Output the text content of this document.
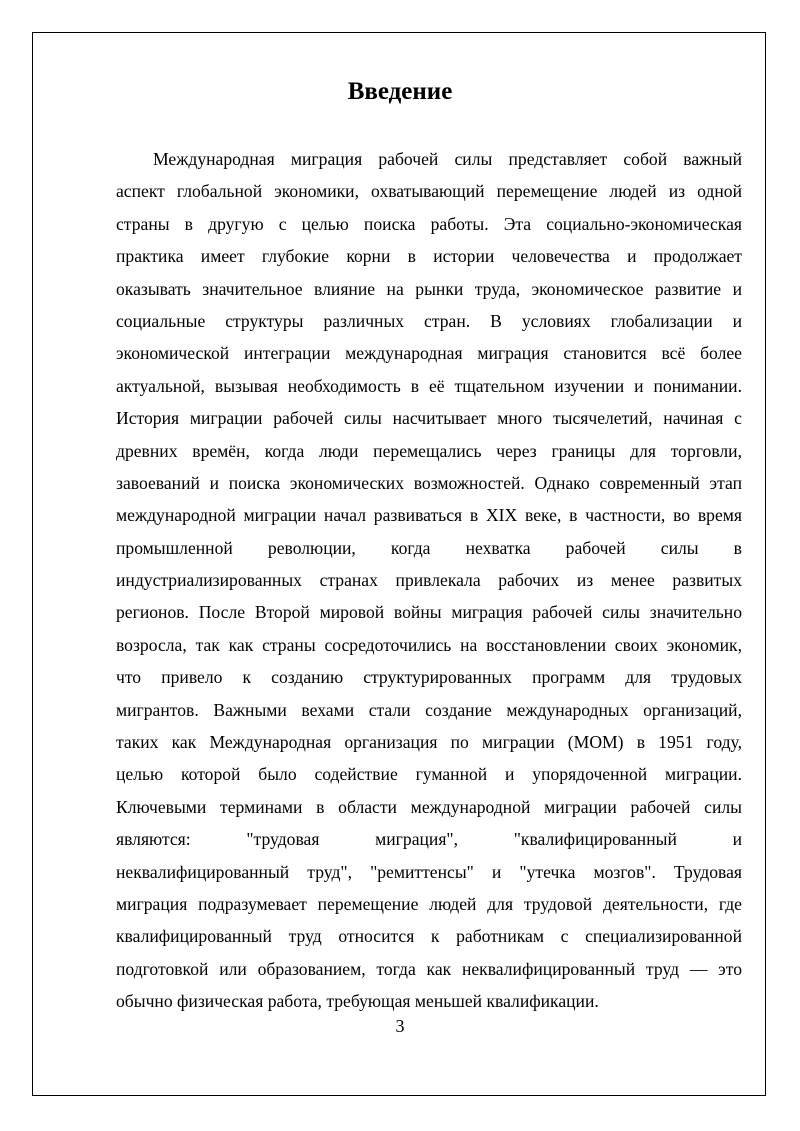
Введение
Международная миграция рабочей силы представляет собой важный
аспект глобальной экономики, охватывающий перемещение людей из одной
страны в другую с целью поиска работы. Эта социально-экономическая
практика имеет глубокие корни в истории человечества и продолжает
оказывать значительное влияние на рынки труда, экономическое развитие и
социальные структуры различных стран. В условиях глобализации и
экономической интеграции международная миграция становится всё более
актуальной, вызывая необходимость в её тщательном изучении и понимании.
История миграции рабочей силы насчитывает много тысячелетий, начиная с
древних времён, когда люди перемещались через границы для торговли,
завоеваний и поиска экономических возможностей. Однако современный этап
международной миграции начал развиваться в XIX веке, в частности, во время
промышленной революции, когда нехватка рабочей силы в
индустриализированных странах привлекала рабочих из менее развитых
регионов. После Второй мировой войны миграция рабочей силы значительно
возросла, так как страны сосредоточились на восстановлении своих экономик,
что привело к созданию структурированных программ для трудовых
мигрантов. Важными вехами стали создание международных организаций,
таких как Международная организация по миграции (МОМ) в 1951 году,
целью которой было содействие гуманной и упорядоченной миграции.
Ключевыми терминами в области международной миграции рабочей силы
являются: "трудовая миграция", "квалифицированный и
неквалифицированный труд", "ремиттенсы" и "утечка мозгов". Трудовая
миграция подразумевает перемещение людей для трудовой деятельности, где
квалифицированный труд относится к работникам с специализированной
подготовкой или образованием, тогда как неквалифицированный труд — это
обычно физическая работа, требующая меньшей квалификации.
3
